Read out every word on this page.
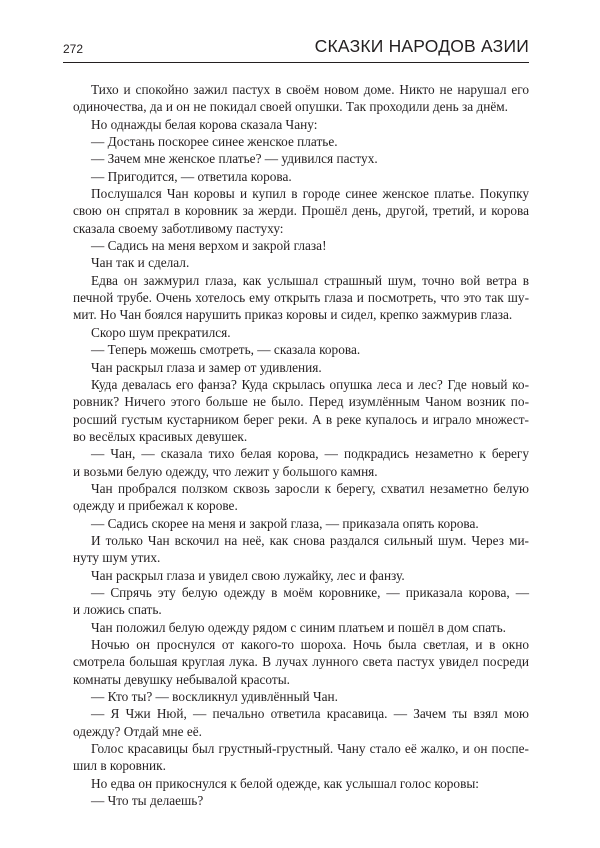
272	СКАЗКИ НАРОДОВ АЗИИ
Тихо и спокойно зажил пастух в своём новом доме. Никто не нарушал его
одиночества, да и он не покидал своей опушки. Так проходили день за днём.
Но однажды белая корова сказала Чану:
— Достань поскорее синее женское платье.
— Зачем мне женское платье? — удивился пастух.
— Пригодится, — ответила корова.
Послушался Чан коровы и купил в городе синее женское платье. Покупку
свою он спрятал в коровник за жерди. Прошёл день, другой, третий, и корова
сказала своему заботливому пастуху:
— Садись на меня верхом и закрой глаза!
Чан так и сделал.
Едва он зажмурил глаза, как услышал страшный шум, точно вой ветра в
печной трубе. Очень хотелось ему открыть глаза и посмотреть, что это так шу-
мит. Но Чан боялся нарушить приказ коровы и сидел, крепко зажмурив глаза.
Скоро шум прекратился.
— Теперь можешь смотреть, — сказала корова.
Чан раскрыл глаза и замер от удивления.
Куда девалась его фанза? Куда скрылась опушка леса и лес? Где новый ко-
ровник? Ничего этого больше не было. Перед изумлённым Чаном возник по-
росший густым кустарником берег реки. А в реке купалось и играло множест-
во весёлых красивых девушек.
— Чан, — сказала тихо белая корова, — подкрадись незаметно к берегу
и возьми белую одежду, что лежит у большого камня.
Чан пробрался ползком сквозь заросли к берегу, схватил незаметно белую
одежду и прибежал к корове.
— Садись скорее на меня и закрой глаза, — приказала опять корова.
И только Чан вскочил на неё, как снова раздался сильный шум. Через ми-
нуту шум утих.
Чан раскрыл глаза и увидел свою лужайку, лес и фанзу.
— Спрячь эту белую одежду в моём коровнике, — приказала корова, —
и ложись спать.
Чан положил белую одежду рядом с синим платьем и пошёл в дом спать.
Ночью он проснулся от какого-то шороха. Ночь была светлая, и в окно
смотрела большая круглая лука. В лучах лунного света пастух увидел посреди
комнаты девушку небывалой красоты.
— Кто ты? — воскликнул удивлённый Чан.
— Я Чжи Нюй, — печально ответила красавица. — Зачем ты взял мою
одежду? Отдай мне её.
Голос красавицы был грустный-грустный. Чану стало её жалко, и он поспе-
шил в коровник.
Но едва он прикоснулся к белой одежде, как услышал голос коровы:
— Что ты делаешь?
